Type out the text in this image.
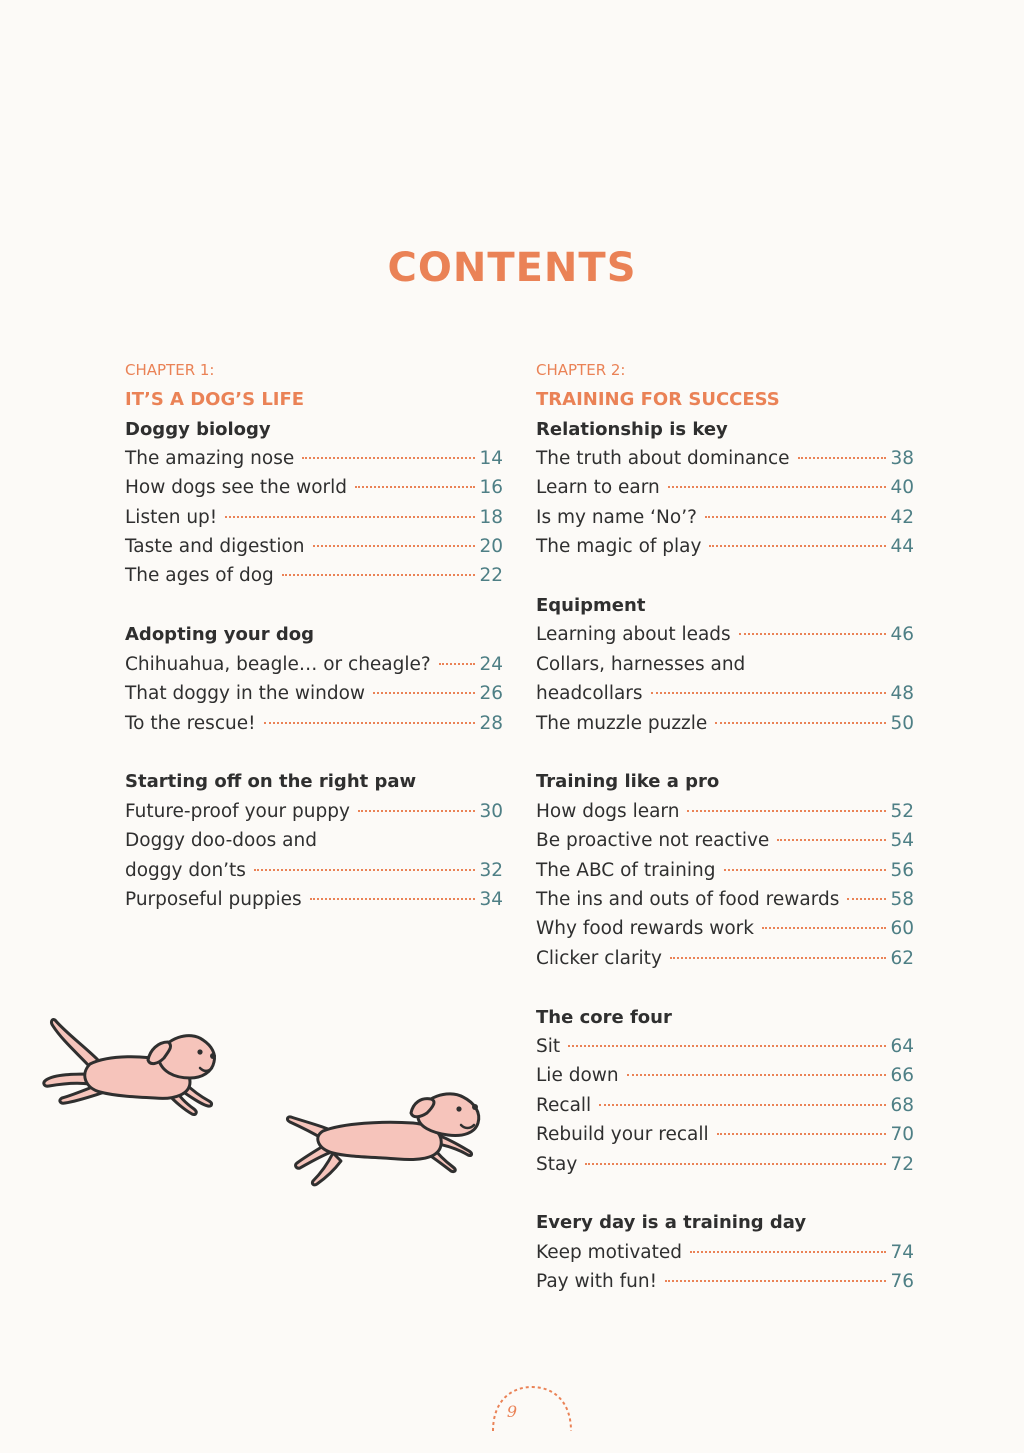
CONTENTS
CHAPTER 1:
IT’S A DOG’S LIFE
Doggy biology
The amazing nose	14
How dogs see the world	16
Listen up!	18
Taste and digestion	20
The ages of dog	22
Adopting your dog
Chihuahua, beagle… or cheagle?	24
That doggy in the window	26
To the rescue!	28
Starting off on the right paw
Future-proof your puppy	30
Doggy doo-doos and
doggy don’ts	32
Purposeful puppies	34
CHAPTER 2:
TRAINING FOR SUCCESS
Relationship is key
The truth about dominance	38
Learn to earn	40
Is my name ‘No’?	42
The magic of play	44
Equipment
Learning about leads	46
Collars, harnesses and
headcollars	48
The muzzle puzzle	50
Training like a pro
How dogs learn	52
Be proactive not reactive	54
The ABC of training	56
The ins and outs of food rewards	58
Why food rewards work	60
Clicker clarity	62
The core four
Sit	64
Lie down	66
Recall	68
Rebuild your recall	70
Stay	72
Every day is a training day
Keep motivated	74
Pay with fun!	76
9
